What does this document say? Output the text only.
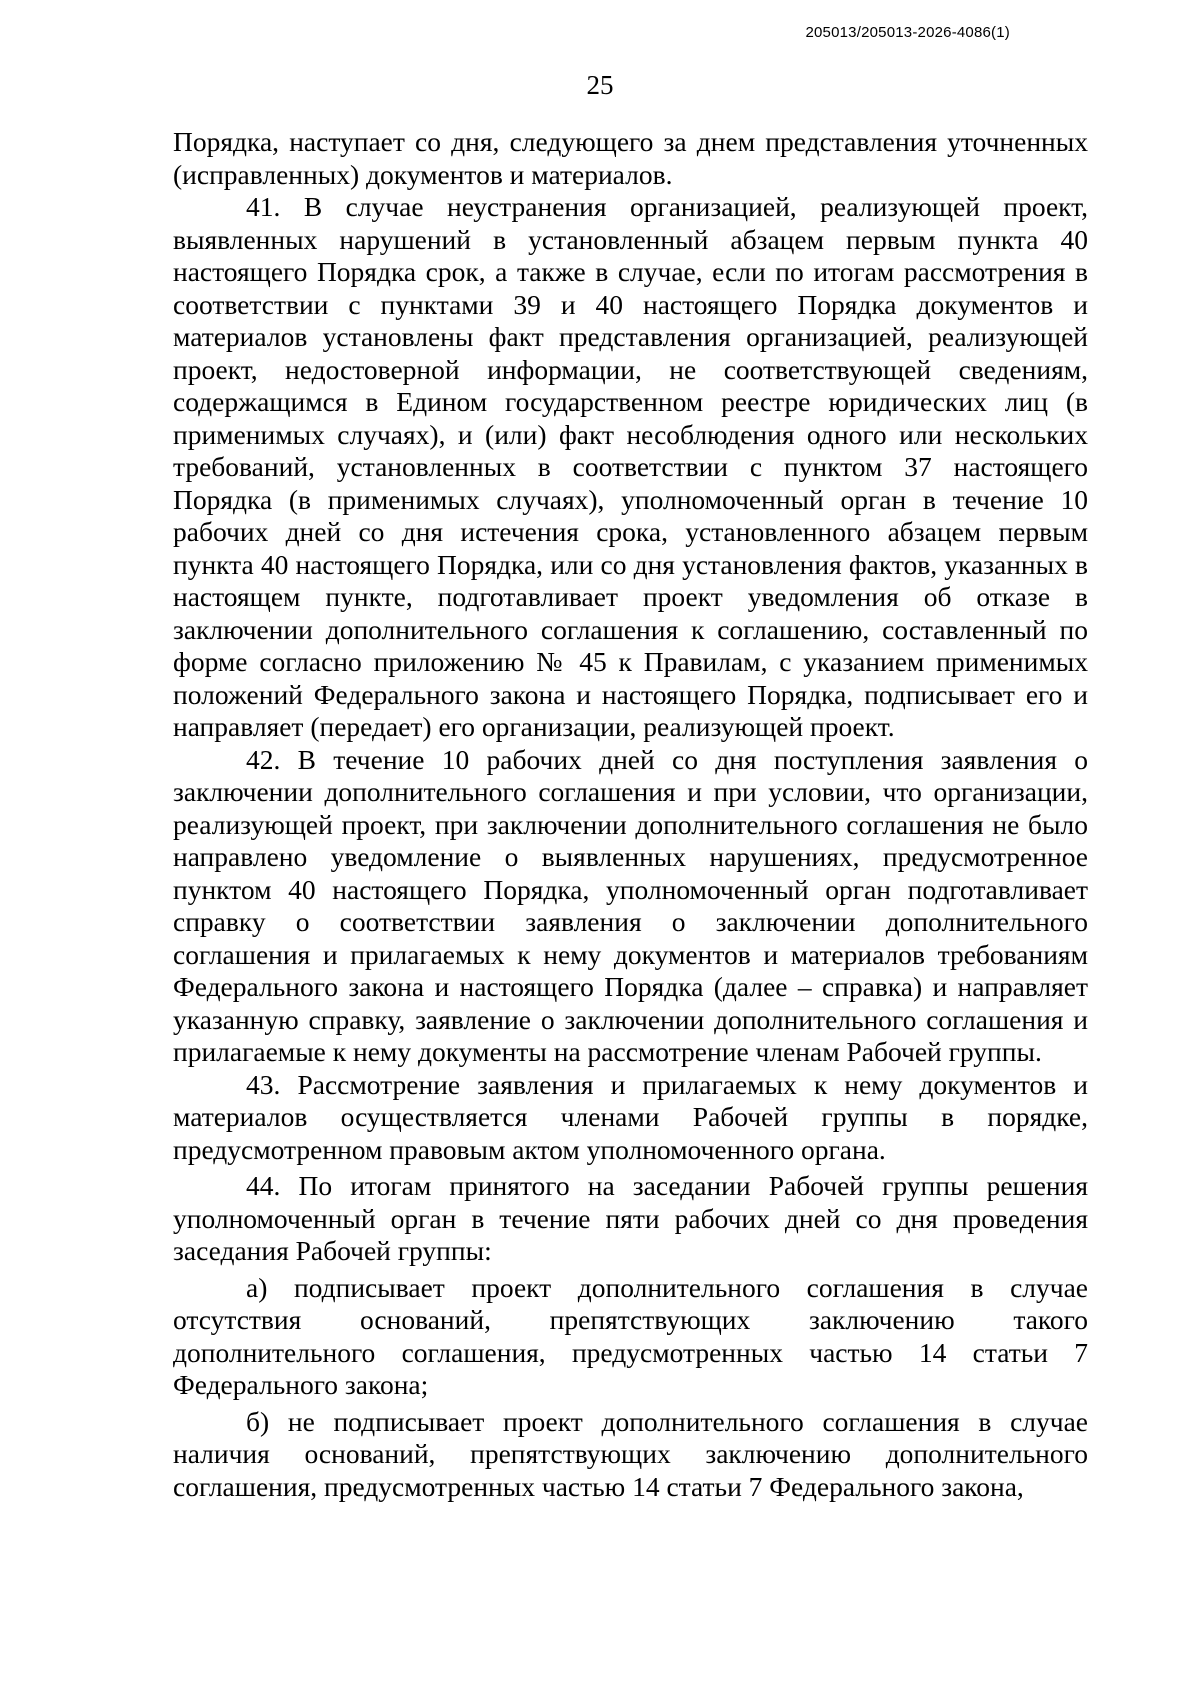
205013/205013-2026-4086(1)
25

Порядка, наступает со дня, следующего за днем представления уточненных (исправленных) документов и материалов.

41. В случае неустранения организацией, реализующей проект, выявленных нарушений в установленный абзацем первым пункта 40 настоящего Порядка срок, а также в случае, если по итогам рассмотрения в соответствии с пунктами 39 и 40 настоящего Порядка документов и материалов установлены факт представления организацией, реализующей проект, недостоверной информации, не соответствующей сведениям, содержащимся в Едином государственном реестре юридических лиц (в применимых случаях), и (или) факт несоблюдения одного или нескольких требований, установленных в соответствии с пунктом 37 настоящего Порядка (в применимых случаях), уполномоченный орган в течение 10 рабочих дней со дня истечения срока, установленного абзацем первым пункта 40 настоящего Порядка, или со дня установления фактов, указанных в настоящем пункте, подготавливает проект уведомления об отказе в заключении дополнительного соглашения к соглашению, составленный по форме согласно приложению № 45 к Правилам, с указанием применимых положений Федерального закона и настоящего Порядка, подписывает его и направляет (передает) его организации, реализующей проект.

42. В течение 10 рабочих дней со дня поступления заявления о заключении дополнительного соглашения и при условии, что организации, реализующей проект, при заключении дополнительного соглашения не было направлено уведомление о выявленных нарушениях, предусмотренное пунктом 40 настоящего Порядка, уполномоченный орган подготавливает справку о соответствии заявления о заключении дополнительного соглашения и прилагаемых к нему документов и материалов требованиям Федерального закона и настоящего Порядка (далее – справка) и направляет указанную справку, заявление о заключении дополнительного соглашения и прилагаемые к нему документы на рассмотрение членам Рабочей группы.

43. Рассмотрение заявления и прилагаемых к нему документов и материалов осуществляется членами Рабочей группы в порядке, предусмотренном правовым актом уполномоченного органа.

44. По итогам принятого на заседании Рабочей группы решения уполномоченный орган в течение пяти рабочих дней со дня проведения заседания Рабочей группы:

а) подписывает проект дополнительного соглашения в случае отсутствия оснований, препятствующих заключению такого дополнительного соглашения, предусмотренных частью 14 статьи 7 Федерального закона;

б) не подписывает проект дополнительного соглашения в случае наличия оснований, препятствующих заключению дополнительного соглашения, предусмотренных частью 14 статьи 7 Федерального закона,
